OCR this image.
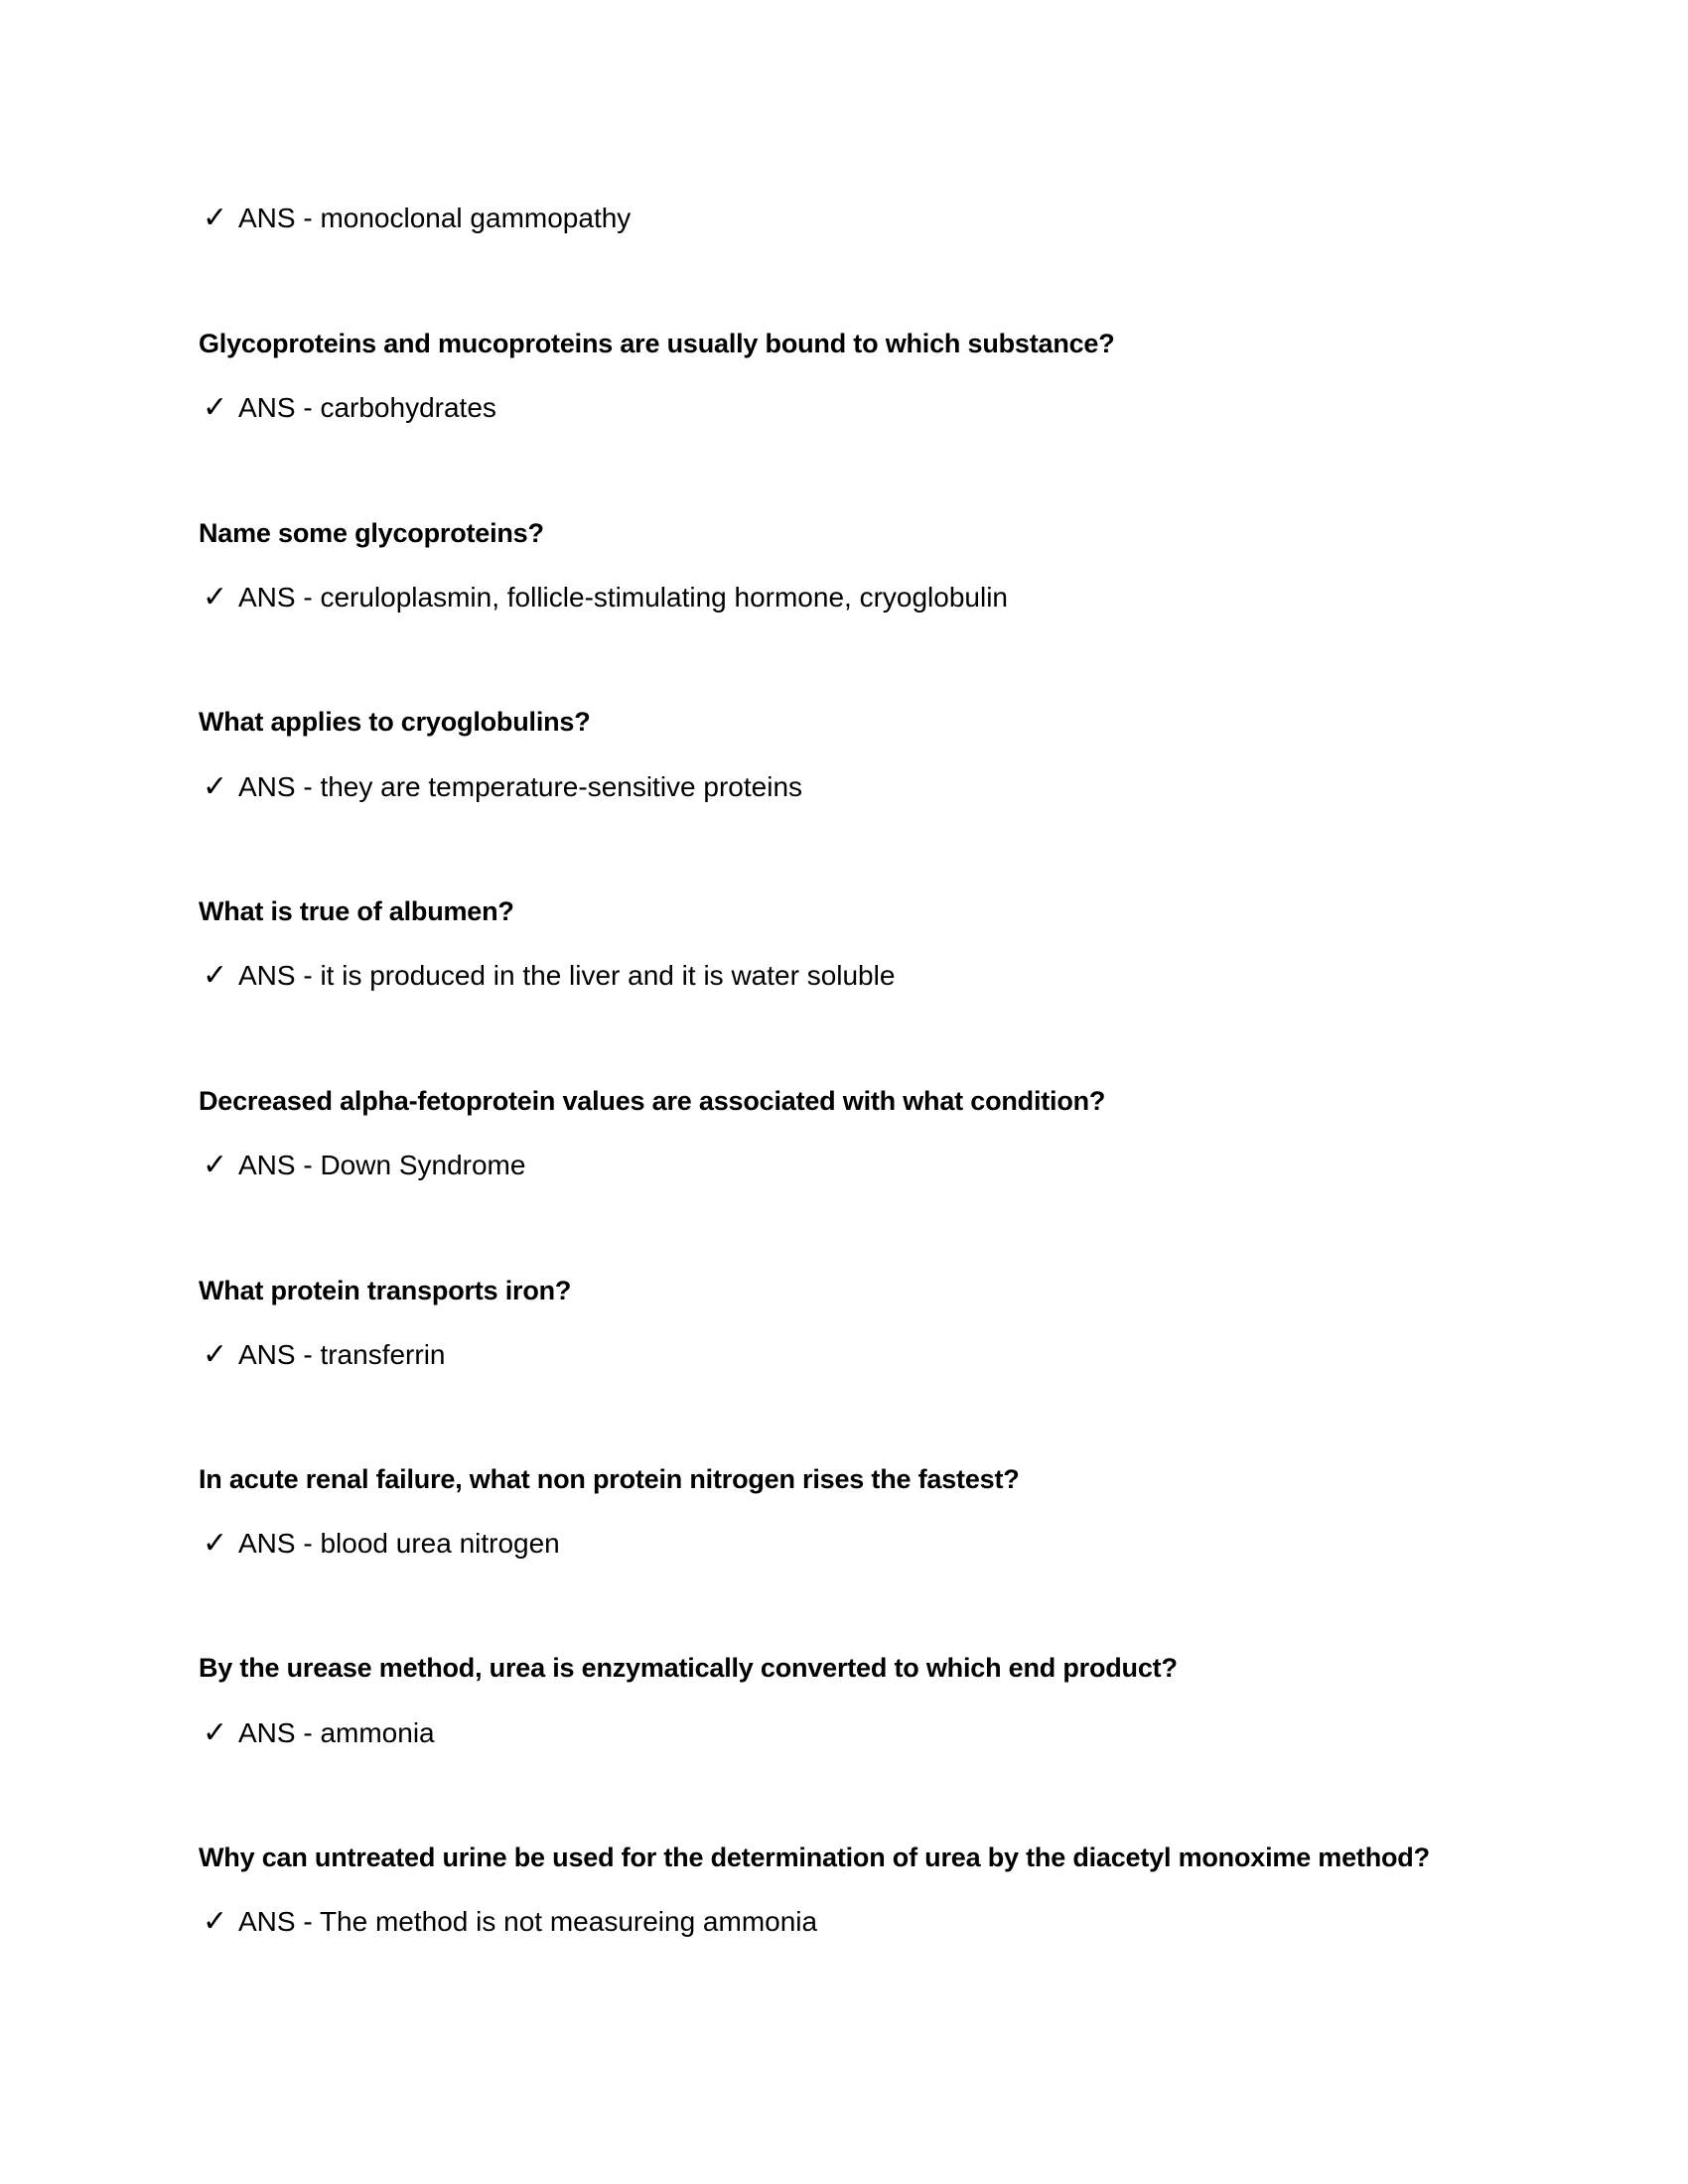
✓ ANS - monoclonal gammopathy
Glycoproteins and mucoproteins are usually bound to which substance?
✓ ANS - carbohydrates
Name some glycoproteins?
✓ ANS - ceruloplasmin, follicle-stimulating hormone, cryoglobulin
What applies to cryoglobulins?
✓ ANS - they are temperature-sensitive proteins
What is true of albumen?
✓ ANS - it is produced in the liver and it is water soluble
Decreased alpha-fetoprotein values are associated with what condition?
✓ ANS - Down Syndrome
What protein transports iron?
✓ ANS - transferrin
In acute renal failure, what non protein nitrogen rises the fastest?
✓ ANS - blood urea nitrogen
By the urease method, urea is enzymatically converted to which end product?
✓ ANS - ammonia
Why can untreated urine be used for the determination of urea by the diacetyl monoxime method?
✓ ANS - The method is not measureing ammonia
